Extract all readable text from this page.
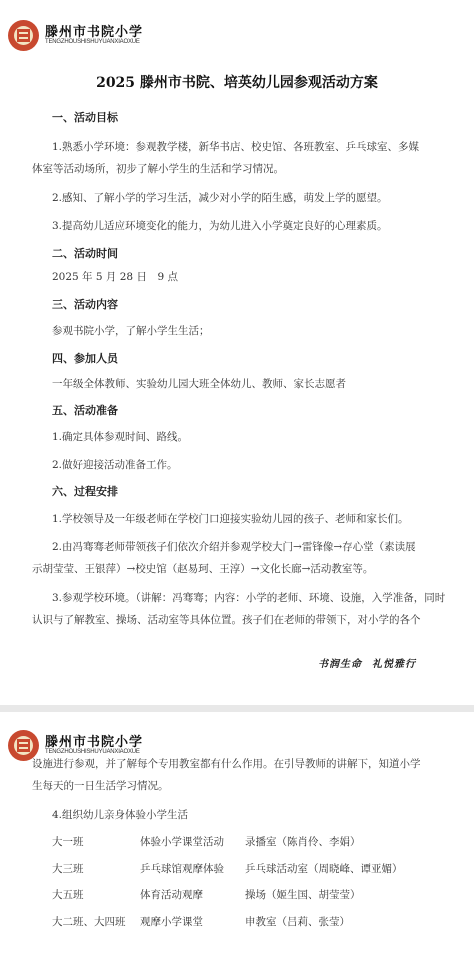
滕州市书院小学
TENGZHOUSHISHUYUANXIAOXUE
2025 滕州市书院、培英幼儿园参观活动方案
一、活动目标
1.熟悉小学环境：参观教学楼，新华书店、校史馆、各班教室、乒乓球室、多媒
体室等活动场所，初步了解小学生的生活和学习情况。
2.感知、了解小学的学习生活，减少对小学的陌生感，萌发上学的愿望。
3.提高幼儿适应环境变化的能力，为幼儿进入小学奠定良好的心理素质。
二、活动时间
2025 年 5 月 28 日　9 点
三、活动内容
参观书院小学，了解小学生生活；
四、参加人员
一年级全体教师、实验幼儿园大班全体幼儿、教师、家长志愿者
五、活动准备
1.确定具体参观时间、路线。
2.做好迎接活动准备工作。
六、过程安排
1.学校领导及一年级老师在学校门口迎接实验幼儿园的孩子、老师和家长们。
2.由冯骞骞老师带领孩子们依次介绍并参观学校大门→雷锋像→存心堂（素读展
示胡莹莹、王银萍）→校史馆（赵易珂、王淳）→文化长廊→活动教室等。
3.参观学校环境。（讲解：冯骞骞；内容：小学的老师、环境、设施，入学准备，同时
认识与了解教室、操场、活动室等具体位置。孩子们在老师的带领下，对小学的各个
书润生命 礼悦雅行
滕州市书院小学
TENGZHOUSHISHUYUANXIAOXUE
设施进行参观，并了解每个专用教室都有什么作用。在引导教师的讲解下，知道小学
生每天的一日生活学习情况。
4.组织幼儿亲身体验小学生活
大一班	体验小学课堂活动 录播室（陈肖伶、李娟）
大三班	乒乓球馆观摩体验 乒乓球活动室（周晓峰、谭亚媚）
大五班	体育活动观摩	操场（姬生国、胡莹莹）
大二班、大四班 观摩小学课堂	申教室（吕莉、张莹）
